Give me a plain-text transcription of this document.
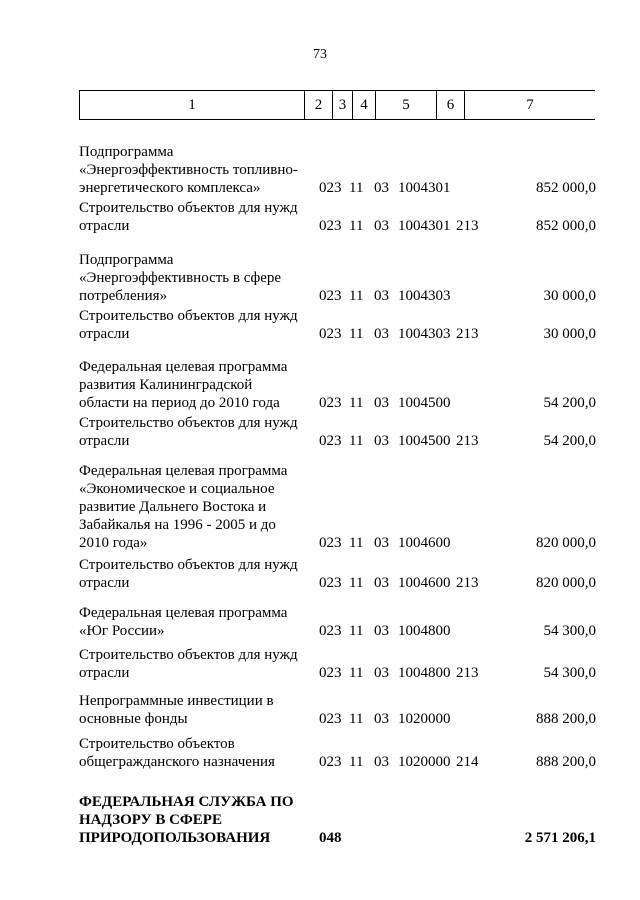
73
1	2	3 4	5	6	7
Подпрограмма
«Энергоэффективность топливно-
энергетического комплекса»	023 11 03 1004301	852 000,0
Строительство объектов для нужд
отрасли	023 11 03 1004301 213	852 000,0
Подпрограмма
«Энергоэффективность в сфере
потребления»	023 11 03 1004303	30 000,0
Строительство объектов для нужд
отрасли	023 11 03 1004303 213	30 000,0
Федеральная целевая программа
развития Калининградской
области на период до 2010 года	023 11 03 1004500	54 200,0
Строительство объектов для нужд
отрасли	023 11 03 1004500 213	54 200,0
Федеральная целевая программа
«Экономическое и социальное
развитие Дальнего Востока и
Забайкалья на 1996 - 2005 и до
2010 года»	023 11 03 1004600	820 000,0
Строительство объектов для нужд
отрасли	023 11 03 1004600 213	820 000,0
Федеральная целевая программа
«Юг России»	023 11 03 1004800	54 300,0
Строительство объектов для нужд
отрасли	023 11 03 1004800 213	54 300,0
Непрограммные инвестиции в
основные фонды	023 11 03 1020000	888 200,0
Строительство объектов
общегражданского назначения	023 11 03 1020000 214	888 200,0
ФЕДЕРАЛЬНАЯ СЛУЖБА ПО
НАДЗОРУ В СФЕРЕ
ПРИРОДОПОЛЬЗОВАНИЯ	048	2 571 206,1
